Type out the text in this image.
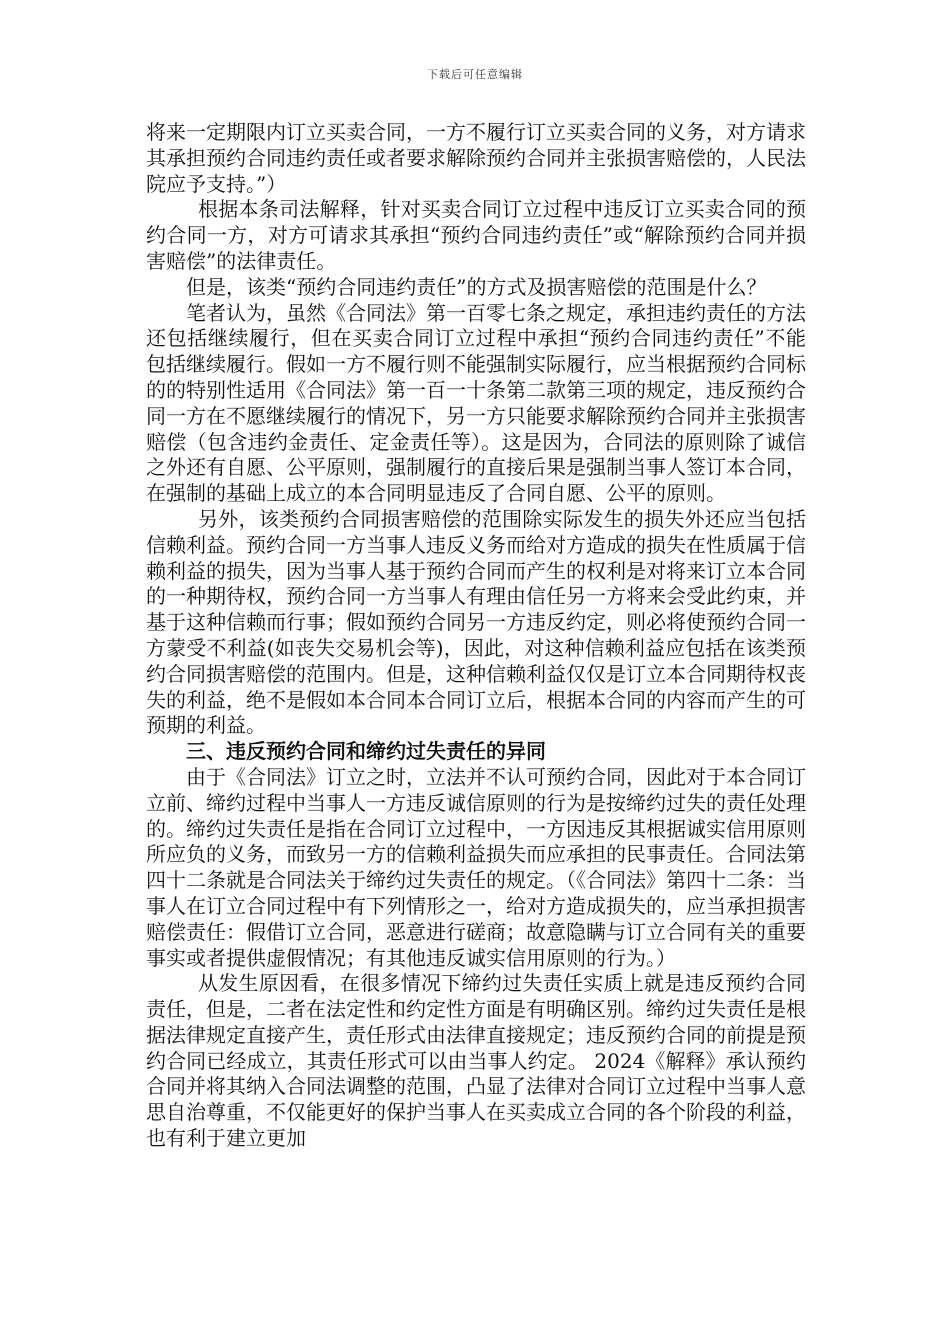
下载后可任意编辑

将来一定期限内订立买卖合同，一方不履行订立买卖合同的义务，对方请求其承担预约合同违约责任或者要求解除预约合同并主张损害赔偿的，人民法院应予支持。”）

根据本条司法解释，针对买卖合同订立过程中违反订立买卖合同的预约合同一方，对方可请求其承担“预约合同违约责任”或“解除预约合同并损害赔偿”的法律责任。

但是，该类“预约合同违约责任”的方式及损害赔偿的范围是什么？

笔者认为，虽然《合同法》第一百零七条之规定，承担违约责任的方法还包括继续履行，但在买卖合同订立过程中承担“预约合同违约责任”不能包括继续履行。假如一方不履行则不能强制实际履行，应当根据预约合同标的的特别性适用《合同法》第一百一十条第二款第三项的规定，违反预约合同一方在不愿继续履行的情况下，另一方只能要求解除预约合同并主张损害赔偿（包含违约金责任、定金责任等）。这是因为，合同法的原则除了诚信之外还有自愿、公平原则，强制履行的直接后果是强制当事人签订本合同，在强制的基础上成立的本合同明显违反了合同自愿、公平的原则。

另外，该类预约合同损害赔偿的范围除实际发生的损失外还应当包括信赖利益。预约合同一方当事人违反义务而给对方造成的损失在性质属于信赖利益的损失，因为当事人基于预约合同而产生的权利是对将来订立本合同的一种期待权，预约合同一方当事人有理由信任另一方将来会受此约束，并基于这种信赖而行事；假如预约合同另一方违反约定，则必将使预约合同一方蒙受不利益(如丧失交易机会等)，因此，对这种信赖利益应包括在该类预约合同损害赔偿的范围内。但是，这种信赖利益仅仅是订立本合同期待权丧失的利益，绝不是假如本合同本合同订立后，根据本合同的内容而产生的可预期的利益。

三、违反预约合同和缔约过失责任的异同

由于《合同法》订立之时，立法并不认可预约合同，因此对于本合同订立前、缔约过程中当事人一方违反诚信原则的行为是按缔约过失的责任处理的。缔约过失责任是指在合同订立过程中，一方因违反其根据诚实信用原则所应负的义务，而致另一方的信赖利益损失而应承担的民事责任。合同法第四十二条就是合同法关于缔约过失责任的规定。（《合同法》第四十二条：当事人在订立合同过程中有下列情形之一，给对方造成损失的，应当承担损害赔偿责任：假借订立合同，恶意进行磋商；故意隐瞒与订立合同有关的重要事实或者提供虚假情况；有其他违反诚实信用原则的行为。）

从发生原因看，在很多情况下缔约过失责任实质上就是违反预约合同责任，但是，二者在法定性和约定性方面是有明确区别。缔约过失责任是根据法律规定直接产生，责任形式由法律直接规定；违反预约合同的前提是预约合同已经成立，其责任形式可以由当事人约定。 2024《解释》承认预约合同并将其纳入合同法调整的范围，凸显了法律对合同订立过程中当事人意思自治尊重，不仅能更好的保护当事人在买卖成立合同的各个阶段的利益，也有利于建立更加
